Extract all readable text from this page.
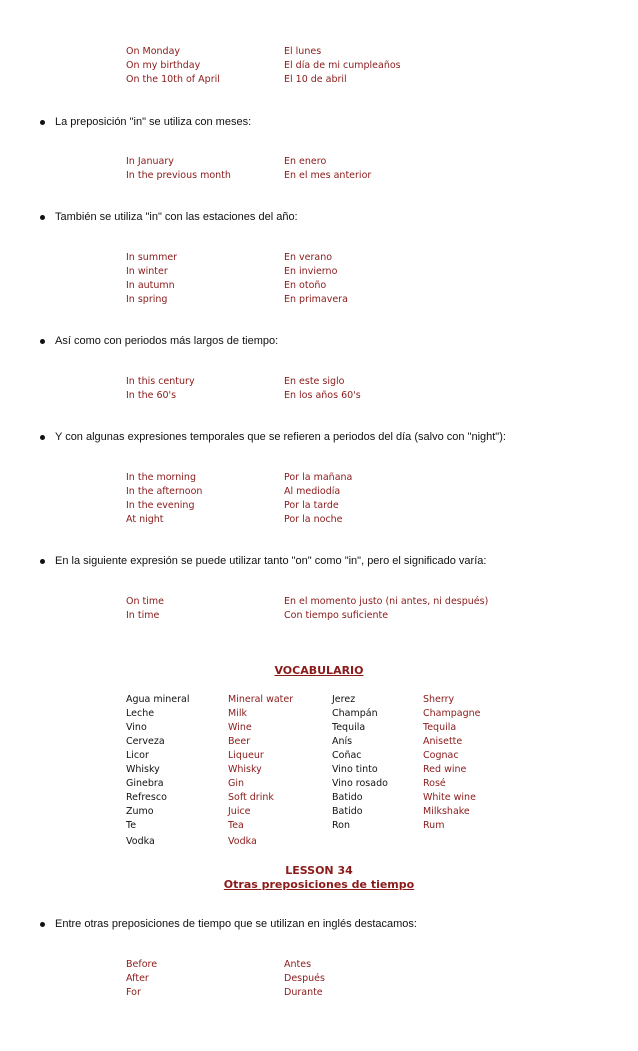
On Monday	El lunes
On my birthday	El día de mi cumpleaños
On the 10th of April	El 10 de abril
La preposición "in" se utiliza con meses:
In January	En enero
In the previous month	En el mes anterior
También se utiliza "in" con las estaciones del año:
In summer	En verano
In winter	En invierno
In autumn	En otoño
In spring	En primavera
Así como con periodos más largos de tiempo:
In this century	En este siglo
In the 60's	En los años 60's
Y con algunas expresiones temporales que se refieren a periodos del día (salvo con "night"):
In the morning	Por la mañana
In the afternoon	Al mediodía
In the evening	Por la tarde
At night	Por la noche
En la siguiente expresión se puede utilizar tanto "on" como "in", pero el significado varía:
On time	En el momento justo (ni antes, ni después)
In time	Con tiempo suficiente
VOCABULARIO
Agua mineral	Mineral water	Jerez	Sherry
Leche	Milk	Champán	Champagne
Vino	Wine	Tequila	Tequila
Cerveza	Beer	Anís	Anisette
Licor	Liqueur	Coñac	Cognac
Whisky	Whisky	Vino tinto	Red wine
Ginebra	Gin	Vino rosado	Rosé
Refresco	Soft drink	Batido	White wine
Zumo	Juice	Batido	Milkshake
Te	Tea	Ron	Rum
Vodka	Vodka
LESSON 34
Otras preposiciones de tiempo
Entre otras preposiciones de tiempo que se utilizan en inglés destacamos:
Before	Antes
After	Después
For	Durante
